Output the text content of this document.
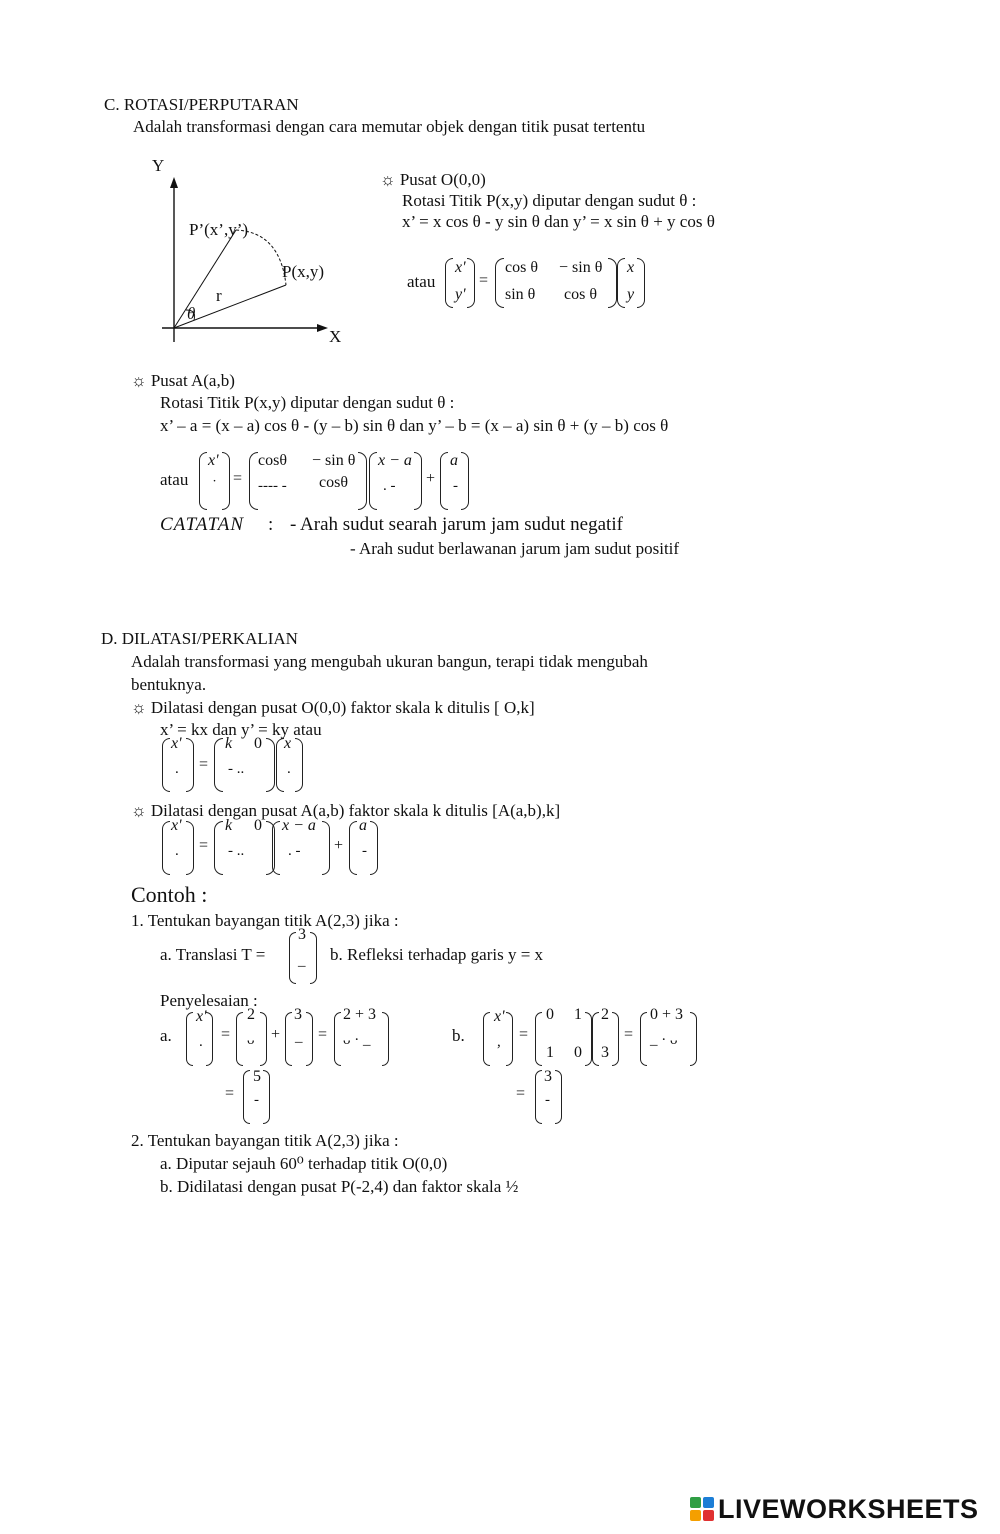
C. ROTASI/PERPUTARAN
Adalah transformasi dengan cara memutar objek dengan titik pusat tertentu
Y
X
P’(x’,y’)
P(x,y)
r
θ
☼ Pusat O(0,0)
Rotasi Titik P(x,y) diputar dengan sudut θ :
x’ = x cos θ - y sin θ dan y’ = x sin θ + y cos θ
atau
x'
y'
=
cos θ − sin θ
sin θ cos θ
x
y
☼ Pusat A(a,b)
Rotasi Titik P(x,y) diputar dengan sudut θ :
x’ – a = (x – a) cos θ - (y – b) sin θ dan y’ – b = (x – a) sin θ + (y – b) cos θ
atau
x'
˙ =
cosθ − sin θ
---- - cosθ
x − a
. - +
a
-
CATATAN : - Arah sudut searah jarum jam sudut negatif
- Arah sudut berlawanan jarum jam sudut positif
D. DILATASI/PERKALIAN
Adalah transformasi yang mengubah ukuran bangun, terapi tidak mengubah
bentuknya.
☼ Dilatasi dengan pusat O(0,0) faktor skala k ditulis [ O,k]
x’ = kx dan y’ = ky atau
x'
. =
k 0
- ..
x
.
☼ Dilatasi dengan pusat A(a,b) faktor skala k ditulis [A(a,b),k]
x'
. =
k 0
- ..
x − a
. - +
a
-
Contoh :
1. Tentukan bayangan titik A(2,3) jika :
a. Translasi T =
3
_ b. Refleksi terhadap garis y = x
Penyelesaian :
a.
x'
. =
2
ᴗ +
3
_ =
2 + 3
ᴗ · _
=
5
-
b.
x'
, =
0 1
1 0
2
3
=
0 + 3
_ · ᴗ
=
3
-
2. Tentukan bayangan titik A(2,3) jika :
a. Diputar sejauh 60⁰ terhadap titik O(0,0)
b. Didilatasi dengan pusat P(-2,4) dan faktor skala ½
LIVEWORKSHEETS
